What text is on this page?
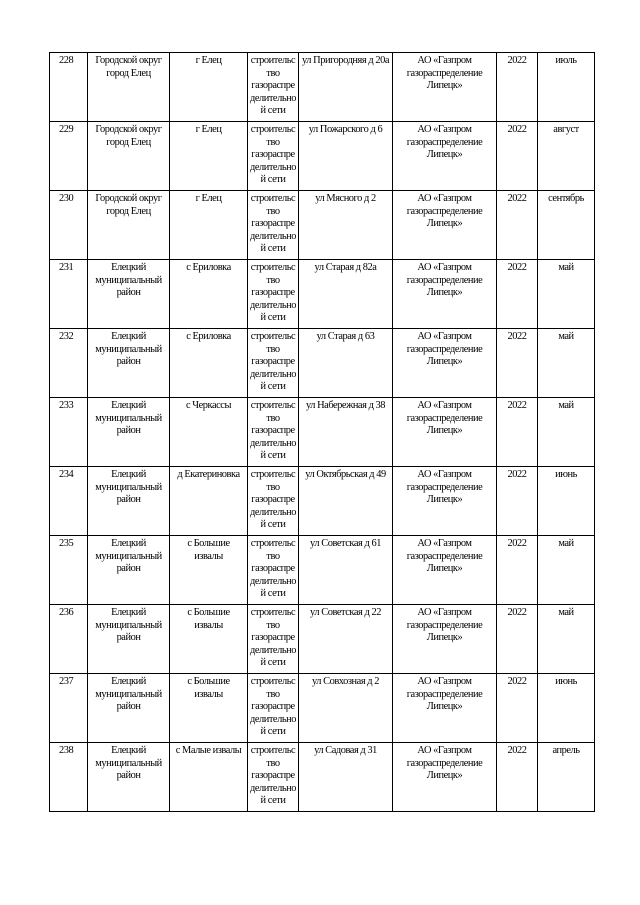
228	Городской округ город Елец	г Елец	строительство газораспределительной сети	ул Пригородняя д 20а	АО «Газпром газораспределение Липецк»	2022	июль
229	Городской округ город Елец	г Елец	строительство газораспределительной сети	ул Пожарского д 6	АО «Газпром газораспределение Липецк»	2022	август
230	Городской округ город Елец	г Елец	строительство газораспределительной сети	ул Мясного д 2	АО «Газпром газораспределение Липецк»	2022	сентябрь
231	Елецкий муниципальный район	с Ериловка	строительство газораспределительной сети	ул Старая д 82а	АО «Газпром газораспределение Липецк»	2022	май
232	Елецкий муниципальный район	с Ериловка	строительство газораспределительной сети	ул Старая д 63	АО «Газпром газораспределение Липецк»	2022	май
233	Елецкий муниципальный район	с Черкассы	строительство газораспределительной сети	ул Набережная д 38	АО «Газпром газораспределение Липецк»	2022	май
234	Елецкий муниципальный район	д Екатериновка	строительство газораспределительной сети	ул Октябрьская д 49	АО «Газпром газораспределение Липецк»	2022	июнь
235	Елецкий муниципальный район	с Большие извалы	строительство газораспределительной сети	ул Советская д 61	АО «Газпром газораспределение Липецк»	2022	май
236	Елецкий муниципальный район	с Большие извалы	строительство газораспределительной сети	ул Советская д 22	АО «Газпром газораспределение Липецк»	2022	май
237	Елецкий муниципальный район	с Большие извалы	строительство газораспределительной сети	ул Совхозная д 2	АО «Газпром газораспределение Липецк»	2022	июнь
238	Елецкий муниципальный район	с Малые извалы	строительство газораспределительной сети	ул Садовая д 31	АО «Газпром газораспределение Липецк»	2022	апрель
